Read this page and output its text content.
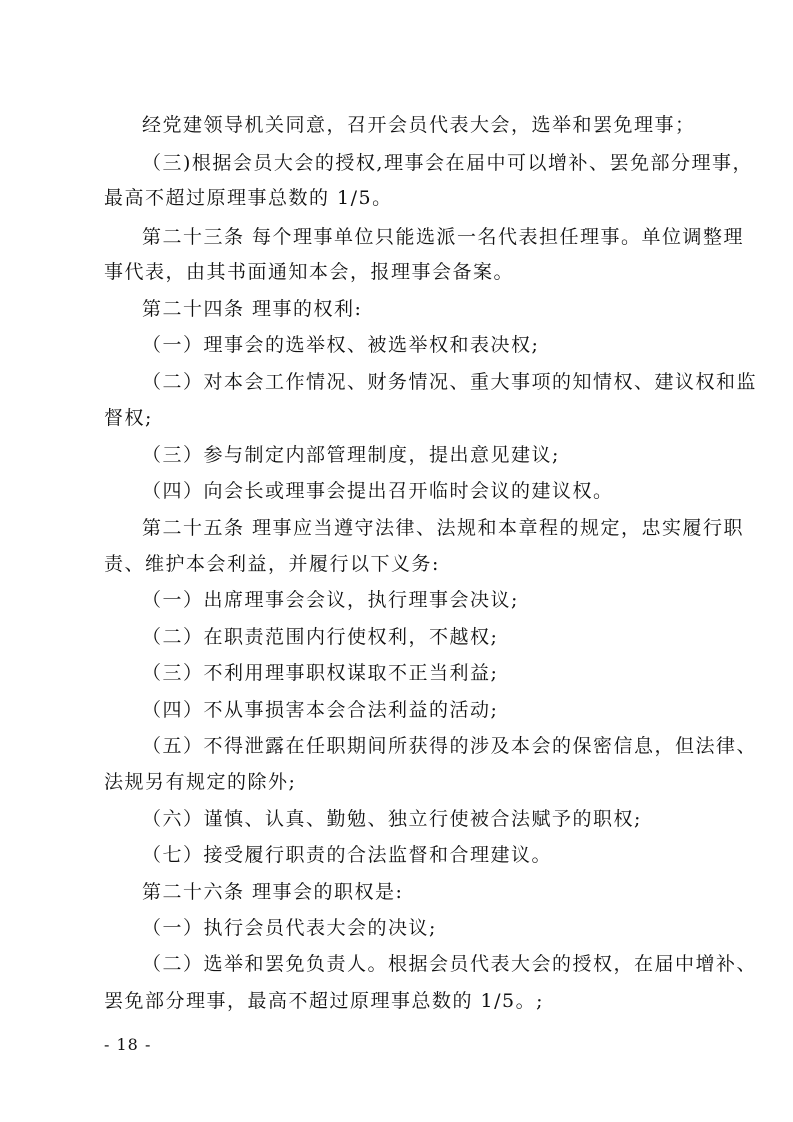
经党建领导机关同意，召开会员代表大会，选举和罢免理事；
（三)根据会员大会的授权,理事会在届中可以增补、罢免部分理事，
最高不超过原理事总数的 1/5。
第二十三条 每个理事单位只能选派一名代表担任理事。单位调整理
事代表，由其书面通知本会，报理事会备案。
第二十四条 理事的权利:
（一）理事会的选举权、被选举权和表决权;
（二）对本会工作情况、财务情况、重大事项的知情权、建议权和监
督权;
（三）参与制定内部管理制度，提出意见建议;
（四）向会长或理事会提出召开临时会议的建议权。
第二十五条 理事应当遵守法律、法规和本章程的规定，忠实履行职
责、维护本会利益，并履行以下义务:
（一）出席理事会会议，执行理事会决议;
（二）在职责范围内行使权利，不越权;
（三）不利用理事职权谋取不正当利益;
（四）不从事损害本会合法利益的活动;
（五）不得泄露在任职期间所获得的涉及本会的保密信息，但法律、
法规另有规定的除外;
（六）谨慎、认真、勤勉、独立行使被合法赋予的职权;
（七）接受履行职责的合法监督和合理建议。
第二十六条 理事会的职权是:
（一）执行会员代表大会的决议;
（二）选举和罢免负责人。根据会员代表大会的授权，在届中增补、
罢免部分理事，最高不超过原理事总数的 1/5。;
- 18 -
